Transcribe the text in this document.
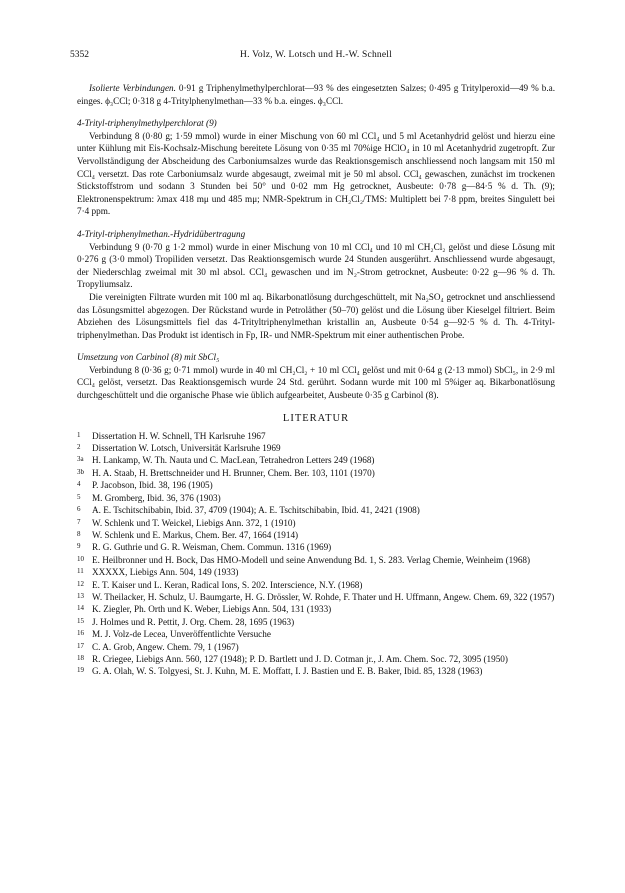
5352	H. Volz, W. Lotsch und H.-W. Schnell

Isolierte Verbindungen. 0·91 g Triphenylmethylperchlorat—93 % des eingesetzten Salzes; 0·495 g Tritylperoxid—49 % b.a. einges. ϕ₃CCl; 0·318 g 4-Tritylphenylmethan—33 % b.a. einges. ϕ₃CCl.

4-Trityl-triphenylmethylperchlorat (9)

Verbindung 8 (0·80 g; 1·59 mmol) wurde in einer Mischung von 60 ml CCl₄ und 5 ml Acetanhydrid gelöst und hierzu eine unter Kühlung mit Eis-Kochsalz-Mischung bereitete Lösung von 0·35 ml 70%ige HClO₄ in 10 ml Acetanhydrid zugetropft. Zur Vervollständigung der Abscheidung des Carboniumsalzes wurde das Reaktionsgemisch anschliessend noch langsam mit 150 ml CCl₄ versetzt. Das rote Carboniumsalz wurde abgesaugt, zweimal mit je 50 ml absol. CCl₄ gewaschen, zunächst im trockenen Stickstoffstrom und sodann 3 Stunden bei 50° und 0·02 mm Hg getrocknet, Ausbeute: 0·78 g—84·5 % d. Th. (9); Elektronenspektrum: λmax 418 mμ und 485 mμ; NMR-Spektrum in CH₂Cl₂/TMS: Multiplett bei 7·8 ppm, breites Singulett bei 7·4 ppm.

4-Trityl-triphenylmethan.-Hydridübertragung

Verbindung 9 (0·70 g 1·2 mmol) wurde in einer Mischung von 10 ml CCl₄ und 10 ml CH₂Cl₂ gelöst und diese Lösung mit 0·276 g (3·0 mmol) Tropiliden versetzt. Das Reaktionsgemisch wurde 24 Stunden ausgerührt. Anschliessend wurde abgesaugt, der Niederschlag zweimal mit 30 ml absol. CCl₄ gewaschen und im N₂-Strom getrocknet, Ausbeute: 0·22 g—96 % d. Th. Tropyliumsalz.

Die vereinigten Filtrate wurden mit 100 ml aq. Bikarbonatlösung durchgeschüttelt, mit Na₂SO₄ getrocknet und anschliessend das Lösungsmittel abgezogen. Der Rückstand wurde in Petroläther (50–70) gelöst und die Lösung über Kieselgel filtriert. Beim Abziehen des Lösungsmittels fiel das 4-Trityltriphenylmethan kristallin an, Ausbeute 0·54 g—92·5 % d. Th. 4-Trityl-triphenylmethan. Das Produkt ist identisch in Fp, IR- und NMR-Spektrum mit einer authentischen Probe.

Umsetzung von Carbinol (8) mit SbCl₅

Verbindung 8 (0·36 g; 0·71 mmol) wurde in 40 ml CH₂Cl₂ + 10 ml CCl₄ gelöst und mit 0·64 g (2·13 mmol) SbCl₅, in 2·9 ml CCl₄ gelöst, versetzt. Das Reaktionsgemisch wurde 24 Std. gerührt. Sodann wurde mit 100 ml 5%iger aq. Bikarbonatlösung durchgeschüttelt und die organische Phase wie üblich aufgearbeitet, Ausbeute 0·35 g Carbinol (8).

LITERATUR
1 Dissertation H. W. Schnell, TH Karlsruhe 1967
2 Dissertation W. Lotsch, Universität Karlsruhe 1969
3a H. Lankamp, W. Th. Nauta und C. MacLean, Tetrahedron Letters 249 (1968)
3b H. A. Staab, H. Brettschneider und H. Brunner, Chem. Ber. 103, 1101 (1970)
4 P. Jacobson, Ibid. 38, 196 (1905)
5 M. Gromberg, Ibid. 36, 376 (1903)
6 A. E. Tschitschibabin, Ibid. 37, 4709 (1904); A. E. Tschitschibabin, Ibid. 41, 2421 (1908)
7 W. Schlenk und T. Weickel, Liebigs Ann. 372, 1 (1910)
8 W. Schlenk und E. Markus, Chem. Ber. 47, 1664 (1914)
9 R. G. Guthrie und G. R. Weisman, Chem. Commun. 1316 (1969)
10 E. Heilbronner und H. Bock, Das HMO-Modell und seine Anwendung Bd. 1, S. 283. Verlag Chemie, Weinheim (1968)
11 XXXXX, Liebigs Ann. 504, 149 (1933)
12 E. T. Kaiser und L. Keran, Radical Ions, S. 202. Interscience, N.Y. (1968)
13 W. Theilacker, H. Schulz, U. Baumgarte, H. G. Drössler, W. Rohde, F. Thater und H. Uffmann, Angew. Chem. 69, 322 (1957)
14 K. Ziegler, Ph. Orth und K. Weber, Liebigs Ann. 504, 131 (1933)
15 J. Holmes und R. Pettit, J. Org. Chem. 28, 1695 (1963)
16 M. J. Volz-de Lecea, Unveröffentlichte Versuche
17 C. A. Grob, Angew. Chem. 79, 1 (1967)
18 R. Criegee, Liebigs Ann. 560, 127 (1948); P. D. Bartlett und J. D. Cotman jr., J. Am. Chem. Soc. 72, 3095 (1950)
19 G. A. Olah, W. S. Tolgyesi, St. J. Kuhn, M. E. Moffatt, I. J. Bastien und E. B. Baker, Ibid. 85, 1328 (1963)
